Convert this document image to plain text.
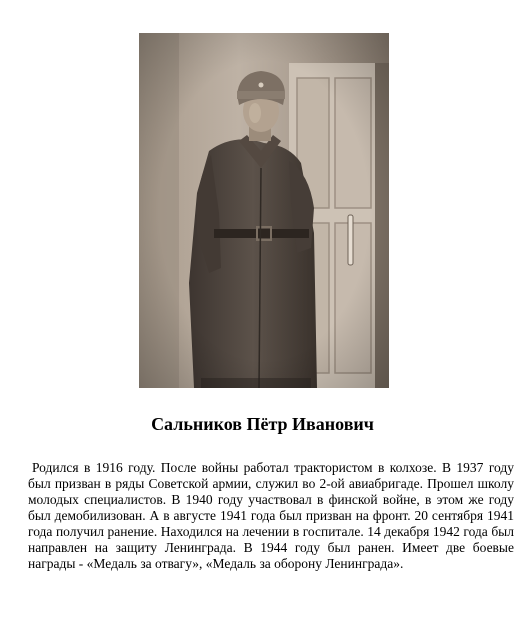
Сальников Пётр Иванович
Родился в 1916 году. После войны работал трактористом в колхозе. В 1937 году был призван в ряды Советской армии, служил во 2-ой авиабригаде. Прошел школу молодых специалистов. В 1940 году участвовал в финской войне, в этом же году был демобилизован. А в августе 1941 года был призван на фронт. 20 сентября 1941 года получил ранение. Находился на лечении в госпитале. 14 декабря 1942 года был направлен на защиту Ленинграда. В 1944 году был ранен. Имеет две боевые награды - «Медаль за отвагу», «Медаль за оборону Ленинграда».
